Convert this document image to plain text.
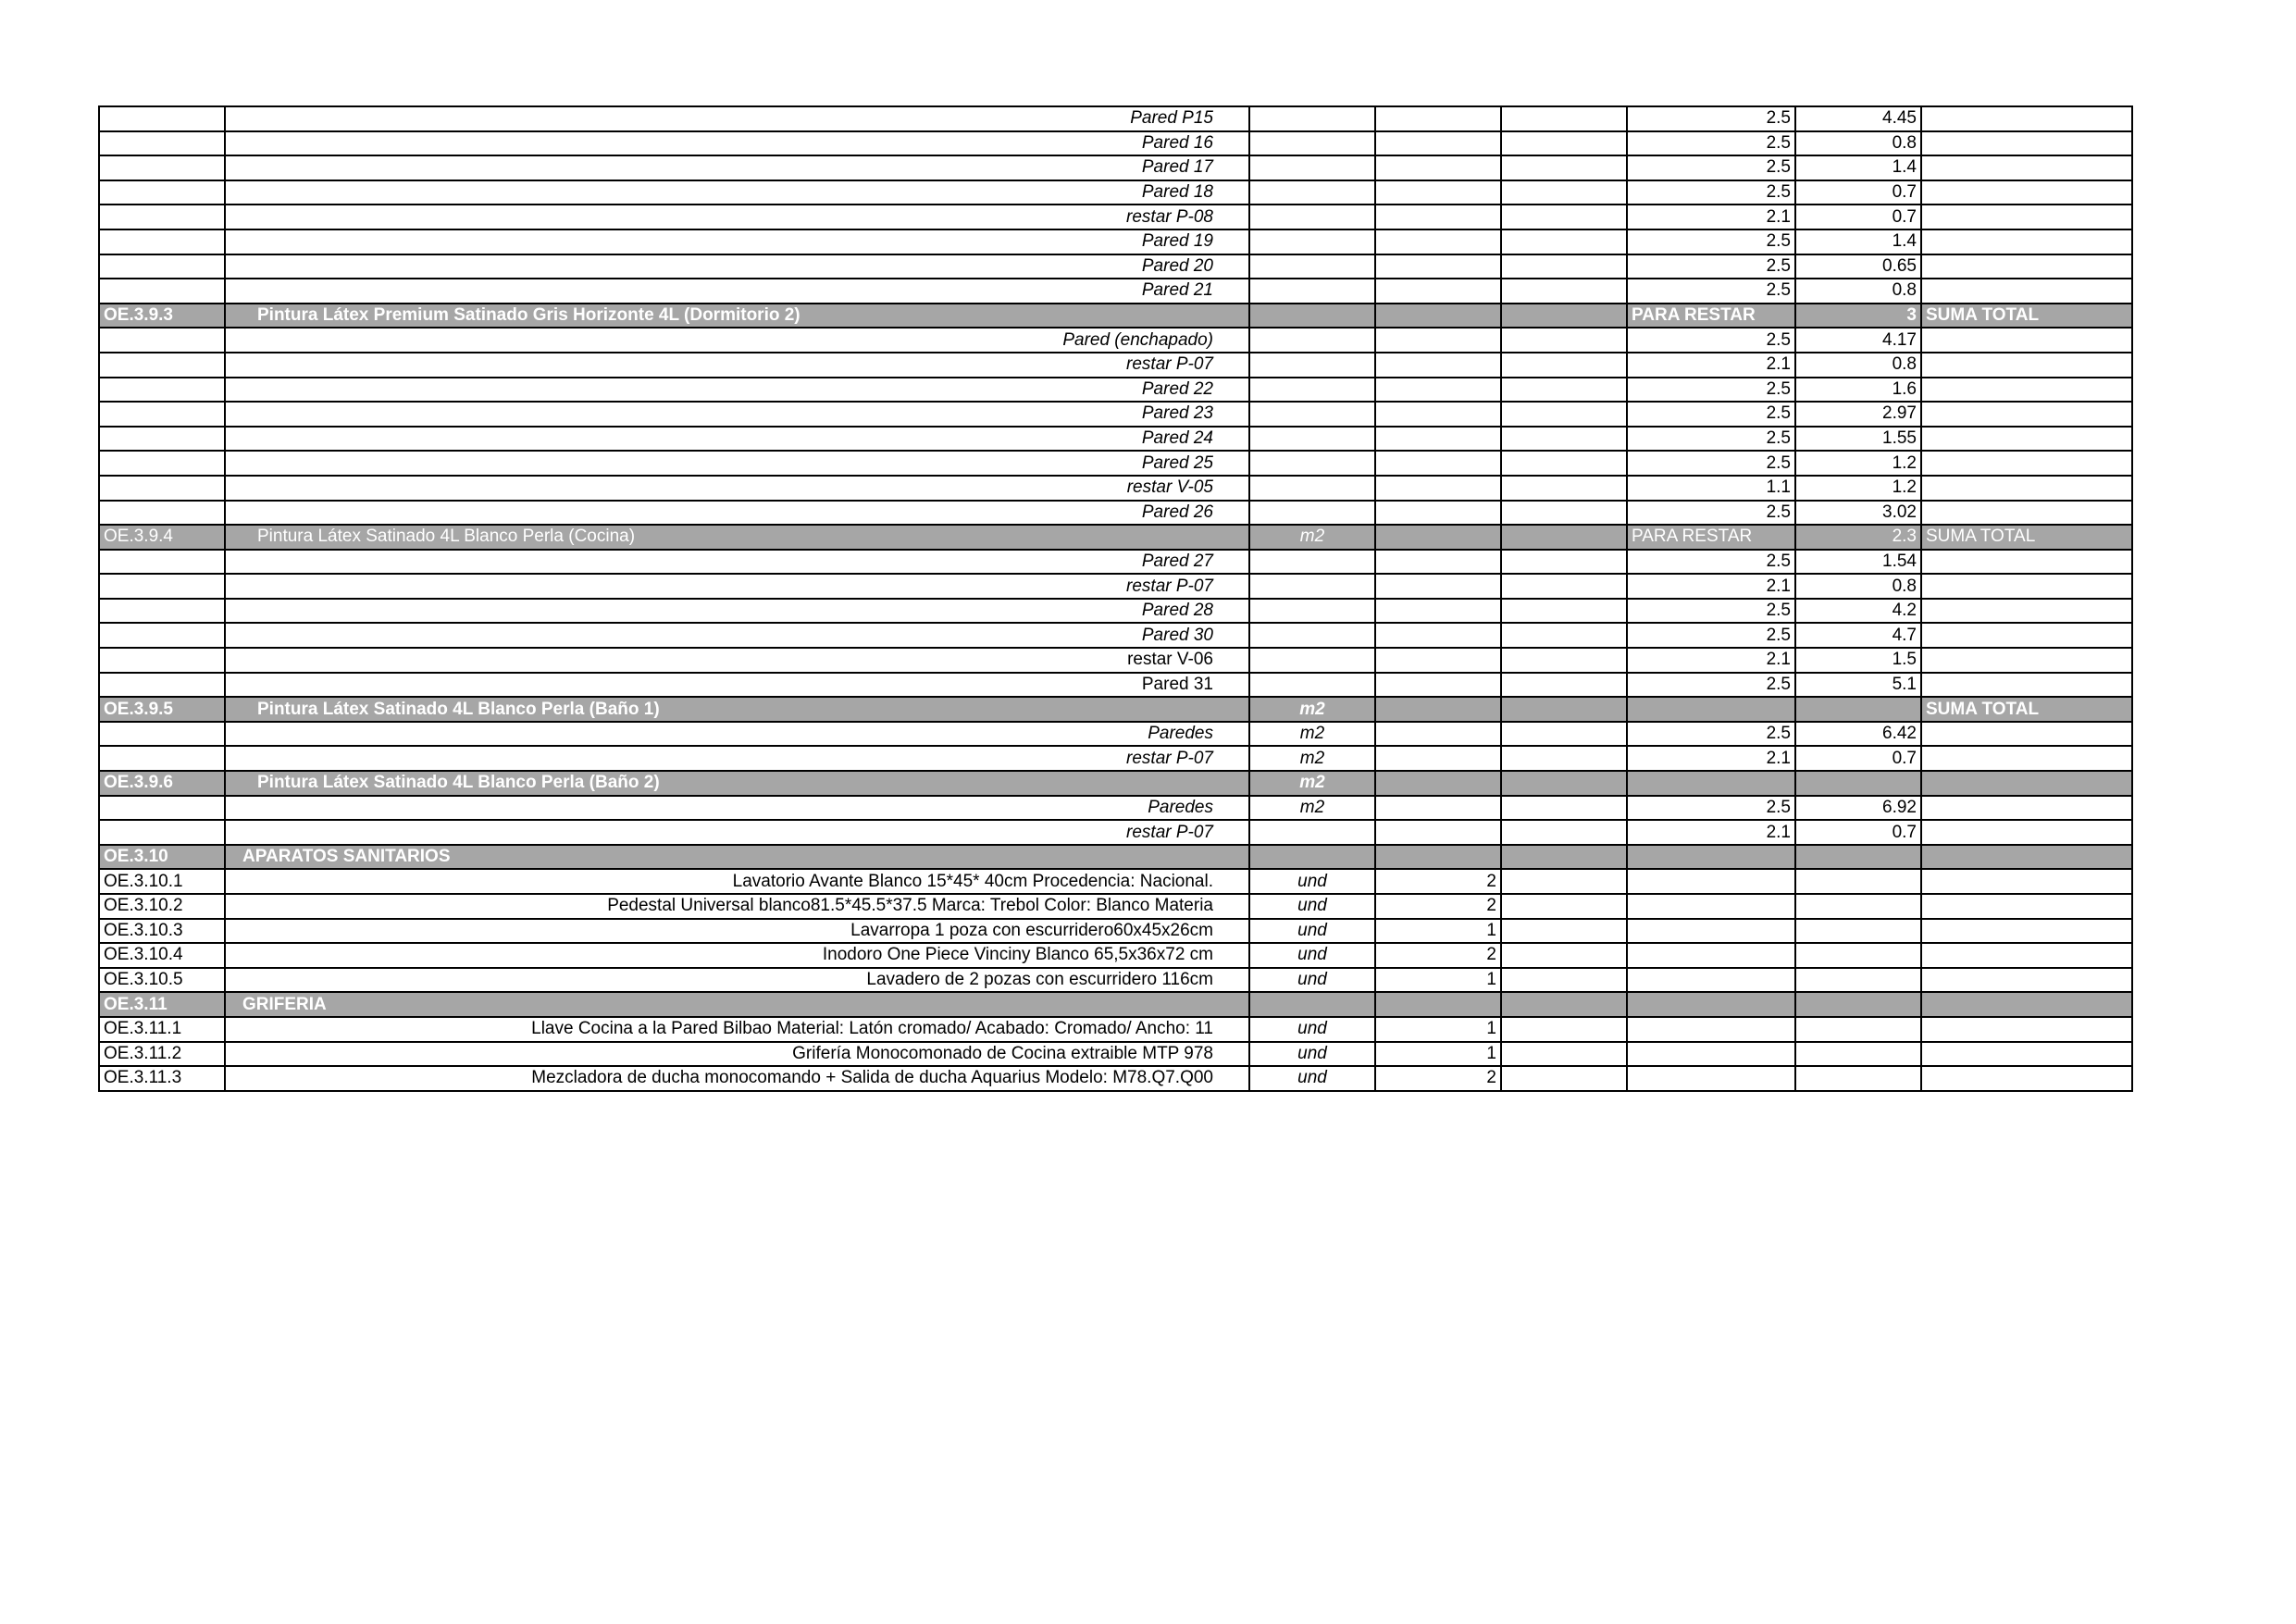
	Pared P15				2.5	4.45	
	Pared 16				2.5	0.8	
	Pared 17				2.5	1.4	
	Pared 18				2.5	0.7	
	restar P-08				2.1	0.7	
	Pared 19				2.5	1.4	
	Pared 20				2.5	0.65	
	Pared 21				2.5	0.8	
OE.3.9.3	Pintura Látex Premium Satinado Gris Horizonte 4L (Dormitorio 2)				PARA RESTAR	3	SUMA TOTAL
	Pared (enchapado)				2.5	4.17	
	restar P-07				2.1	0.8	
	Pared 22				2.5	1.6	
	Pared 23				2.5	2.97	
	Pared 24				2.5	1.55	
	Pared 25				2.5	1.2	
	restar V-05				1.1	1.2	
	Pared 26				2.5	3.02	
OE.3.9.4	Pintura Látex Satinado 4L Blanco Perla (Cocina)	m2			PARA RESTAR	2.3	SUMA TOTAL
	Pared 27				2.5	1.54	
	restar P-07				2.1	0.8	
	Pared 28				2.5	4.2	
	Pared 30				2.5	4.7	
	restar V-06				2.1	1.5	
	Pared 31				2.5	5.1	
OE.3.9.5	Pintura Látex Satinado 4L Blanco Perla (Baño 1)	m2					SUMA TOTAL
	Paredes	m2			2.5	6.42	
	restar P-07	m2			2.1	0.7	
OE.3.9.6	Pintura Látex Satinado 4L Blanco Perla (Baño 2)	m2					
	Paredes	m2			2.5	6.92	
	restar P-07				2.1	0.7	
OE.3.10	APARATOS SANITARIOS						
OE.3.10.1	Lavatorio Avante Blanco 15*45* 40cm Procedencia: Nacional.	und	2				
OE.3.10.2	Pedestal Universal blanco81.5*45.5*37.5 Marca: Trebol Color: Blanco Materia	und	2				
OE.3.10.3	Lavarropa 1 poza con escurridero60x45x26cm	und	1				
OE.3.10.4	Inodoro One Piece Vinciny Blanco 65,5x36x72 cm	und	2				
OE.3.10.5	Lavadero de 2 pozas con escurridero 116cm	und	1				
OE.3.11	GRIFERIA						
OE.3.11.1	Llave Cocina a la Pared Bilbao Material: Latón cromado/ Acabado: Cromado/ Ancho: 11	und	1				
OE.3.11.2	Grifería Monocomonado de Cocina extraible MTP 978	und	1				
OE.3.11.3	Mezcladora de ducha monocomando + Salida de ducha Aquarius Modelo: M78.Q7.Q00	und	2				
